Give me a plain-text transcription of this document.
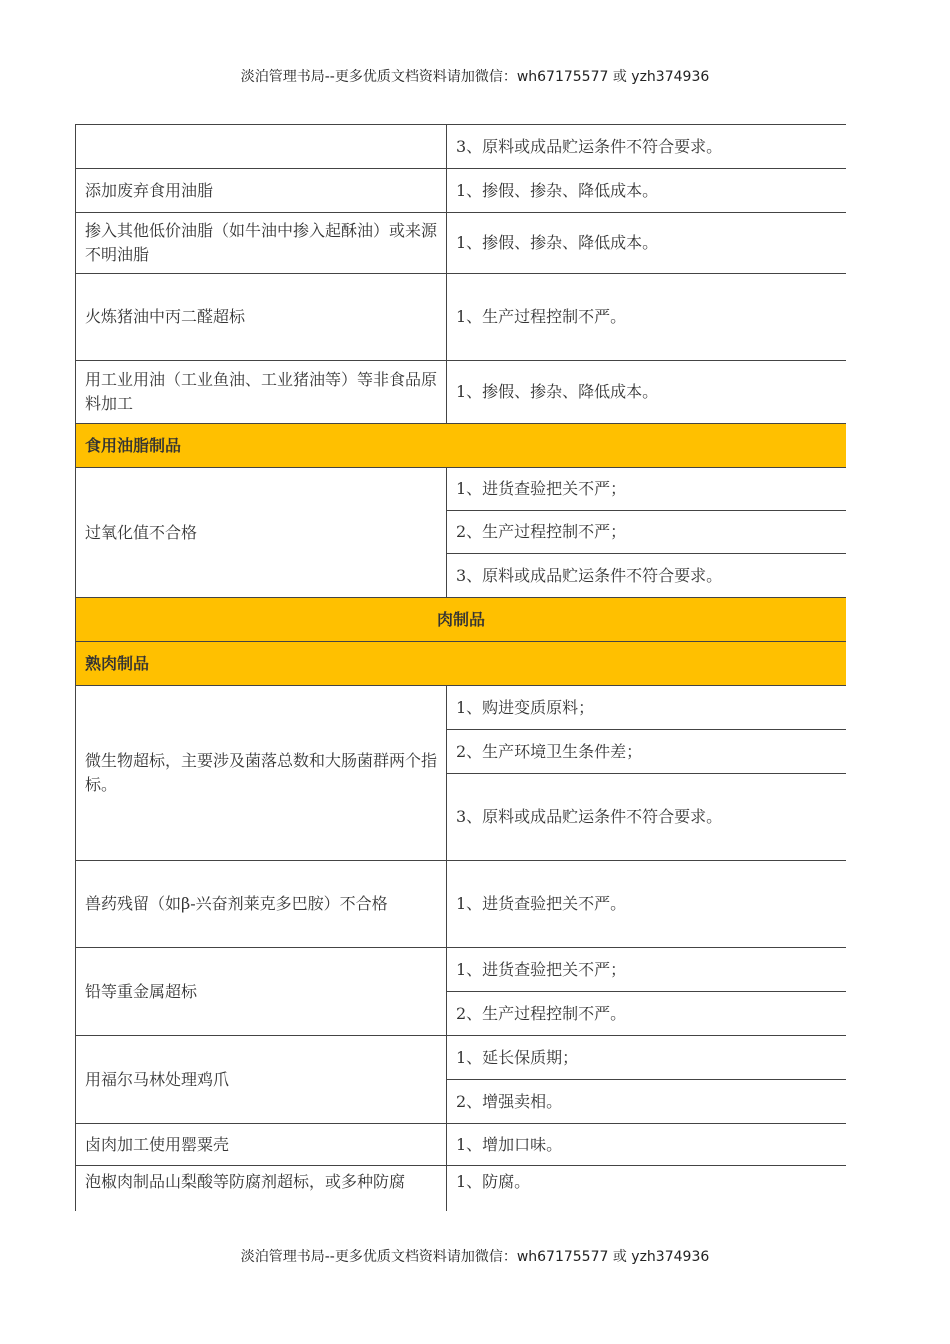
淡泊管理书局--更多优质文档资料请加微信：wh67175577 或 yzh374936
	3、原料或成品贮运条件不符合要求。
添加废弃食用油脂	1、掺假、掺杂、降低成本。
掺入其他低价油脂（如牛油中掺入起酥油）或来源不明油脂	1、掺假、掺杂、降低成本。
火炼猪油中丙二醛超标	1、生产过程控制不严。
用工业用油（工业鱼油、工业猪油等）等非食品原料加工	1、掺假、掺杂、降低成本。
食用油脂制品	
过氧化值不合格	1、进货查验把关不严；
	2、生产过程控制不严；
	3、原料或成品贮运条件不符合要求。
肉制品	
熟肉制品	
微生物超标，主要涉及菌落总数和大肠菌群两个指标。	1、购进变质原料；
	2、生产环境卫生条件差；
	3、原料或成品贮运条件不符合要求。
兽药残留（如β-兴奋剂莱克多巴胺）不合格	1、进货查验把关不严。
铅等重金属超标	1、进货查验把关不严；
	2、生产过程控制不严。
用福尔马林处理鸡爪	1、延长保质期；
	2、增强卖相。
卤肉加工使用罂粟壳	1、增加口味。
泡椒肉制品山梨酸等防腐剂超标，或多种防腐	1、防腐。
淡泊管理书局--更多优质文档资料请加微信：wh67175577 或 yzh374936
